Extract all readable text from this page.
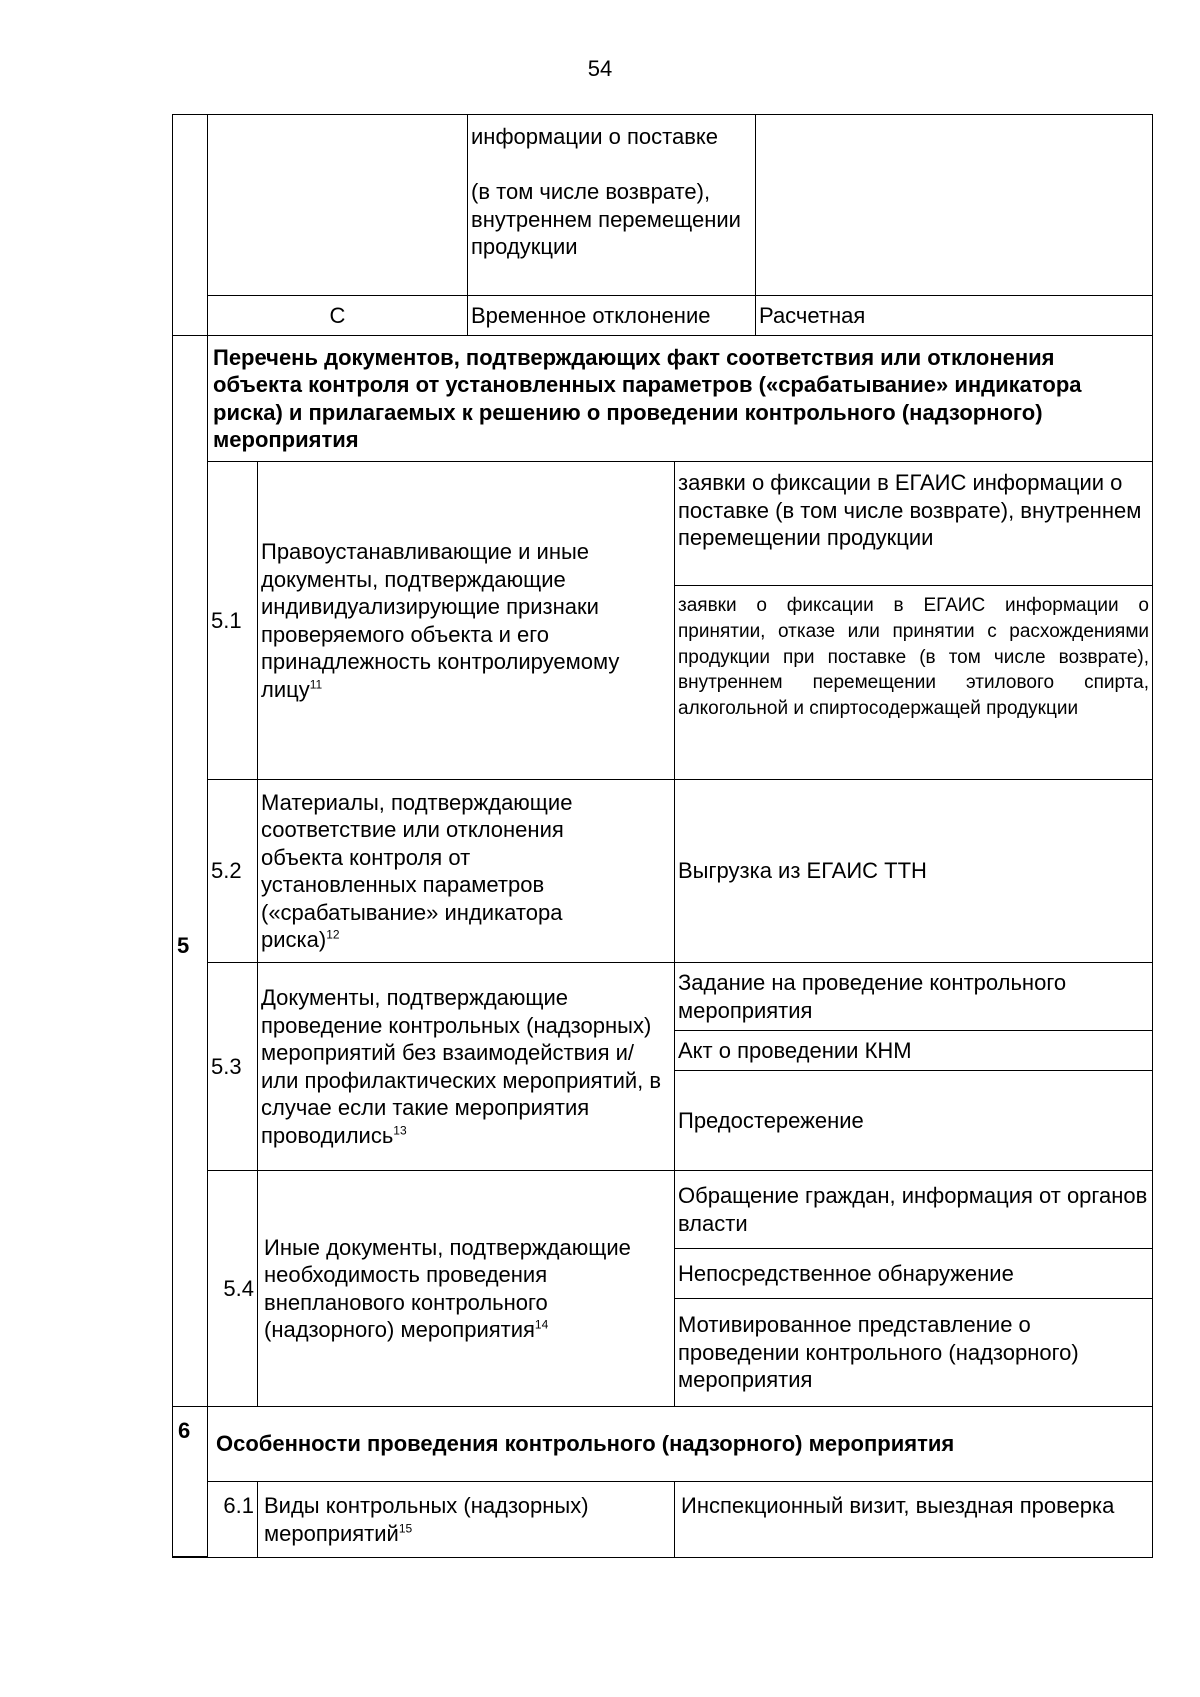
54
информации о поставке

(в том числе возврате), внутреннем перемещении продукции
С	Временное отклонение	Расчетная
5
Перечень документов, подтверждающих факт соответствия или отклонения объекта контроля от установленных параметров («срабатывание» индикатора риска) и прилагаемых к решению о проведении контрольного (надзорного) мероприятия
5.1
Правоустанавливающие и иные документы, подтверждающие индивидуализирующие признаки проверяемого объекта и его принадлежность контролируемому лицу$^{11}$
заявки о фиксации в ЕГАИС информации о поставке (в том числе возврате), внутреннем перемещении продукции
заявки о фиксации в ЕГАИС информации о принятии, отказе или принятии с расхождениями продукции при поставке (в том числе возврате), внутреннем перемещении этилового спирта, алкогольной и спиртосодержащей продукции
5.2
Материалы, подтверждающие соответствие или отклонения объекта контроля от установленных параметров («срабатывание» индикатора риска)$^{12}$
Выгрузка из ЕГАИС ТТН
5.3
Документы, подтверждающие проведение контрольных (надзорных) мероприятий без взаимодействия и/или профилактических мероприятий, в случае если такие мероприятия проводились$^{13}$
Задание на проведение контрольного мероприятия
Акт о проведении КНМ
Предостережение
5.4
Иные документы, подтверждающие необходимость проведения внепланового контрольного (надзорного) мероприятия$^{14}$
Обращение граждан, информация от органов власти
Непосредственное обнаружение
Мотивированное представление о проведении контрольного (надзорного) мероприятия
6
Особенности проведения контрольного (надзорного) мероприятия
6.1 Виды контрольных (надзорных) мероприятий$^{15}$
Инспекционный визит, выездная проверка
